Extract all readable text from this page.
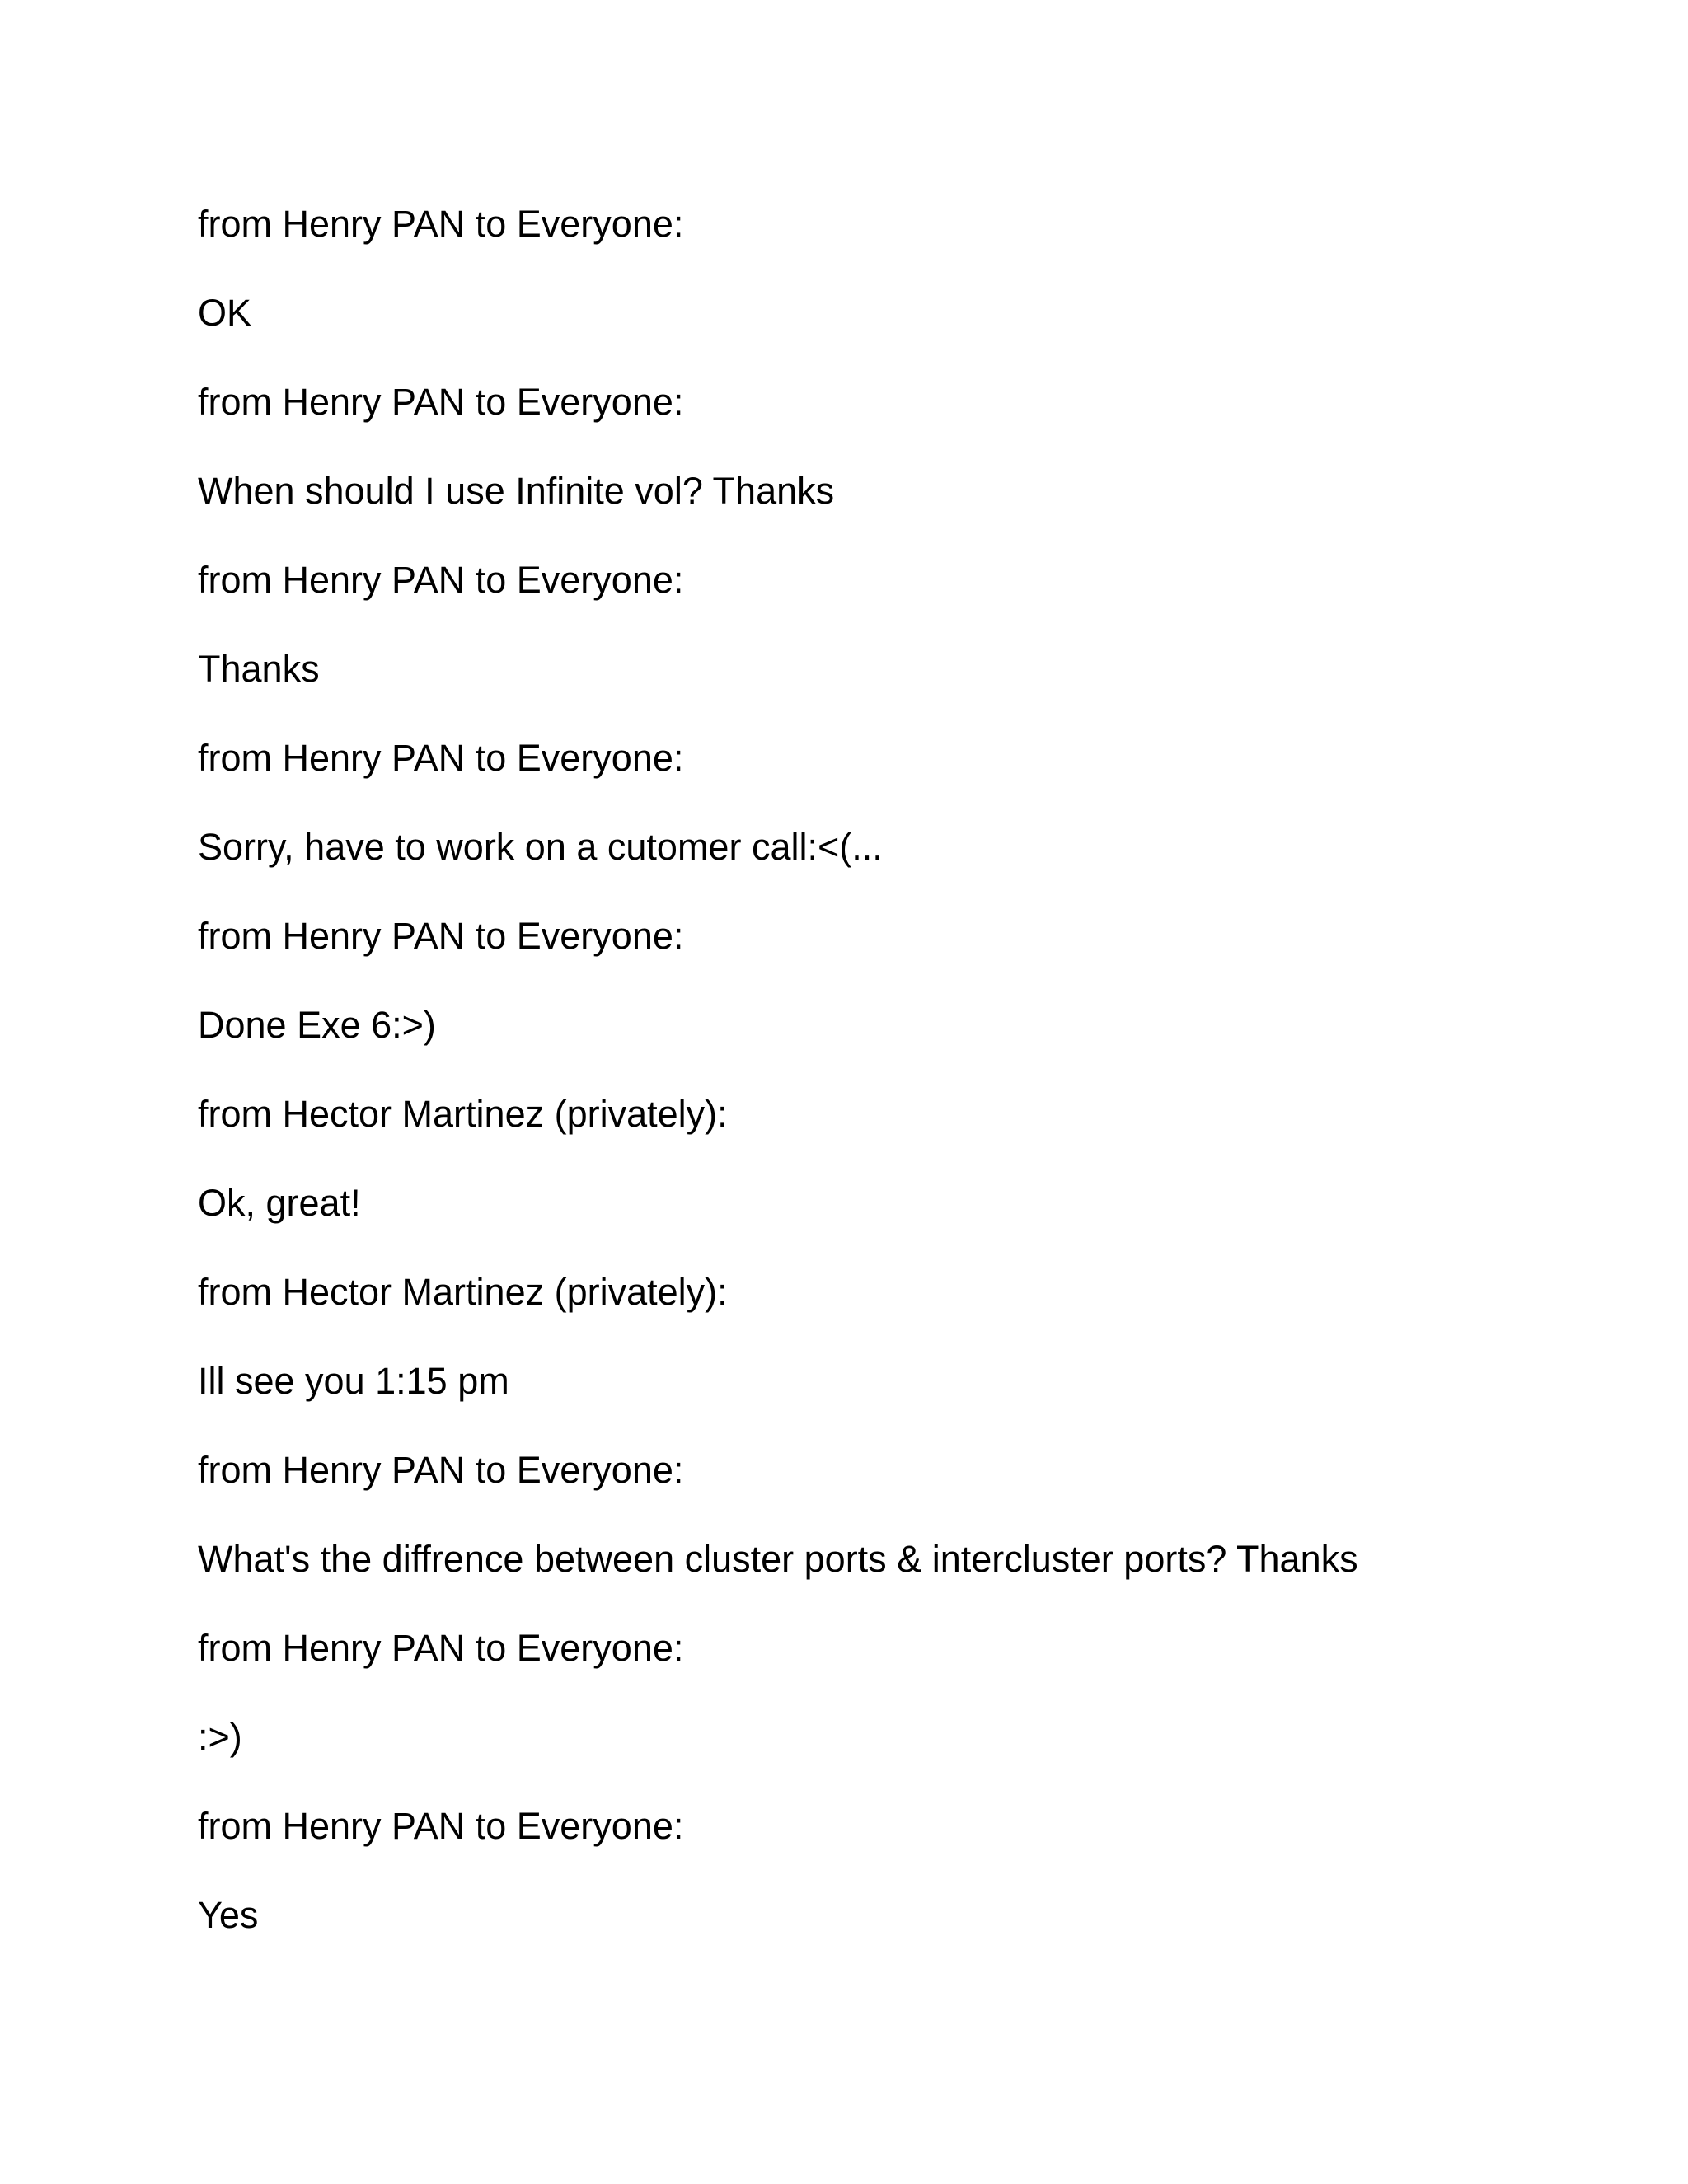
from Henry PAN to Everyone:
OK
from Henry PAN to Everyone:
When should I use Infinite vol? Thanks
from Henry PAN to Everyone:
Thanks
from Henry PAN to Everyone:
Sorry, have to work on a cutomer call:<(...
from Henry PAN to Everyone:
Done Exe 6:>)
from Hector Martinez (privately):
Ok, great!
from Hector Martinez (privately):
Ill see you 1:15 pm
from Henry PAN to Everyone:
What's the diffrence between cluster ports & intercluster ports? Thanks
from Henry PAN to Everyone:
:>)
from Henry PAN to Everyone:
Yes
